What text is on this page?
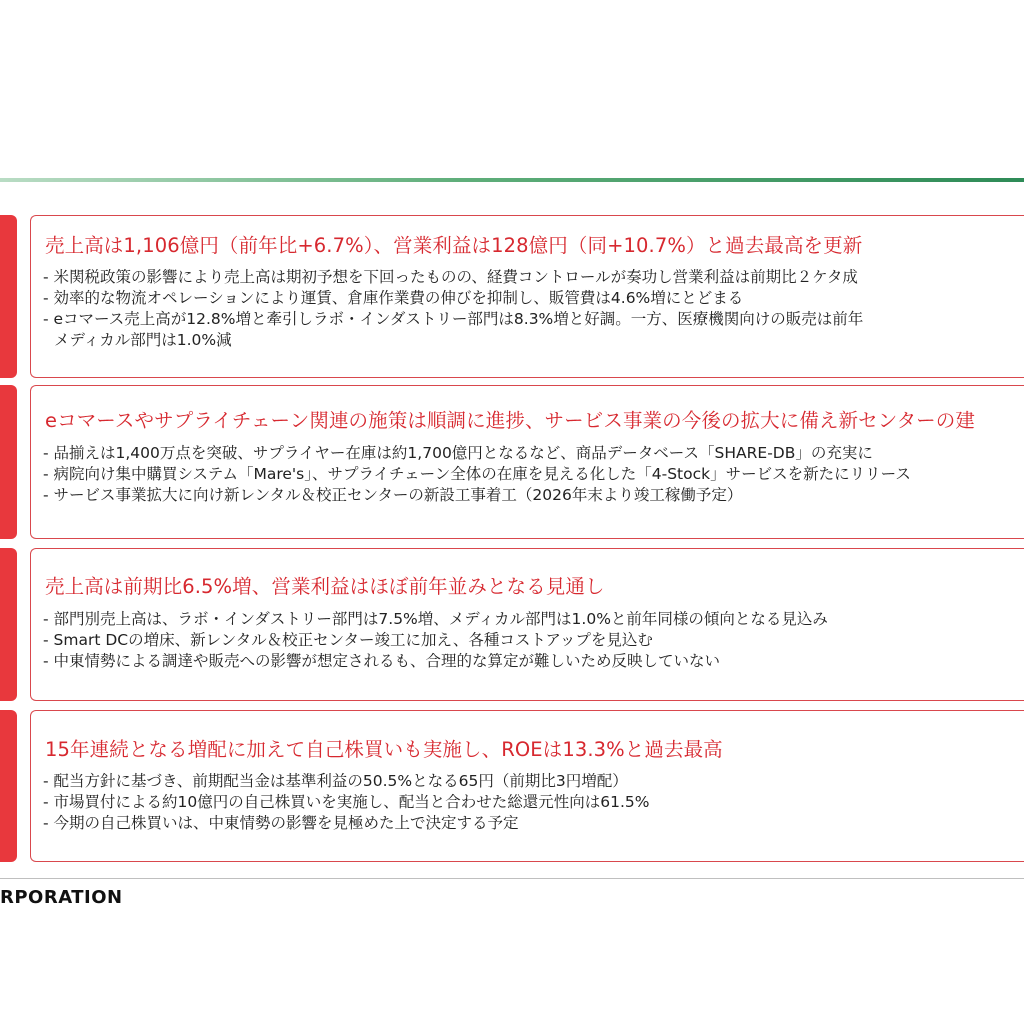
売上高は1,106億円（前年比+6.7%）、営業利益は128億円（同+10.7%）と過去最高を更新
- 米関税政策の影響により売上高は期初予想を下回ったものの、経費コントロールが奏功し営業利益は前期比２ケタ成
- 効率的な物流オペレーションにより運賃、倉庫作業費の伸びを抑制し、販管費は4.6%増にとどまる
- eコマース売上高が12.8%増と牽引しラボ・インダストリー部門は8.3%増と好調。一方、医療機関向けの販売は前年
メディカル部門は1.0%減
eコマースやサプライチェーン関連の施策は順調に進捗、サービス事業の今後の拡大に備え新センターの建
- 品揃えは1,400万点を突破、サプライヤー在庫は約1,700億円となるなど、商品データベース「SHARE-DB」の充実に
- 病院向け集中購買システム「Mare's」、サプライチェーン全体の在庫を見える化した「4-Stock」サービスを新たにリリース
- サービス事業拡大に向け新レンタル＆校正センターの新設工事着工（2026年末より竣工稼働予定）
売上高は前期比6.5%増、営業利益はほぼ前年並みとなる見通し
- 部門別売上高は、ラボ・インダストリー部門は7.5%増、メディカル部門は1.0%と前年同様の傾向となる見込み
- Smart DCの増床、新レンタル＆校正センター竣工に加え、各種コストアップを見込む
- 中東情勢による調達や販売への影響が想定されるも、合理的な算定が難しいため反映していない
15年連続となる増配に加えて自己株買いも実施し、ROEは13.3%と過去最高
- 配当方針に基づき、前期配当金は基準利益の50.5%となる65円（前期比3円増配）
- 市場買付による約10億円の自己株買いを実施し、配当と合わせた総還元性向は61.5%
- 今期の自己株買いは、中東情勢の影響を見極めた上で決定する予定
RPORATION
